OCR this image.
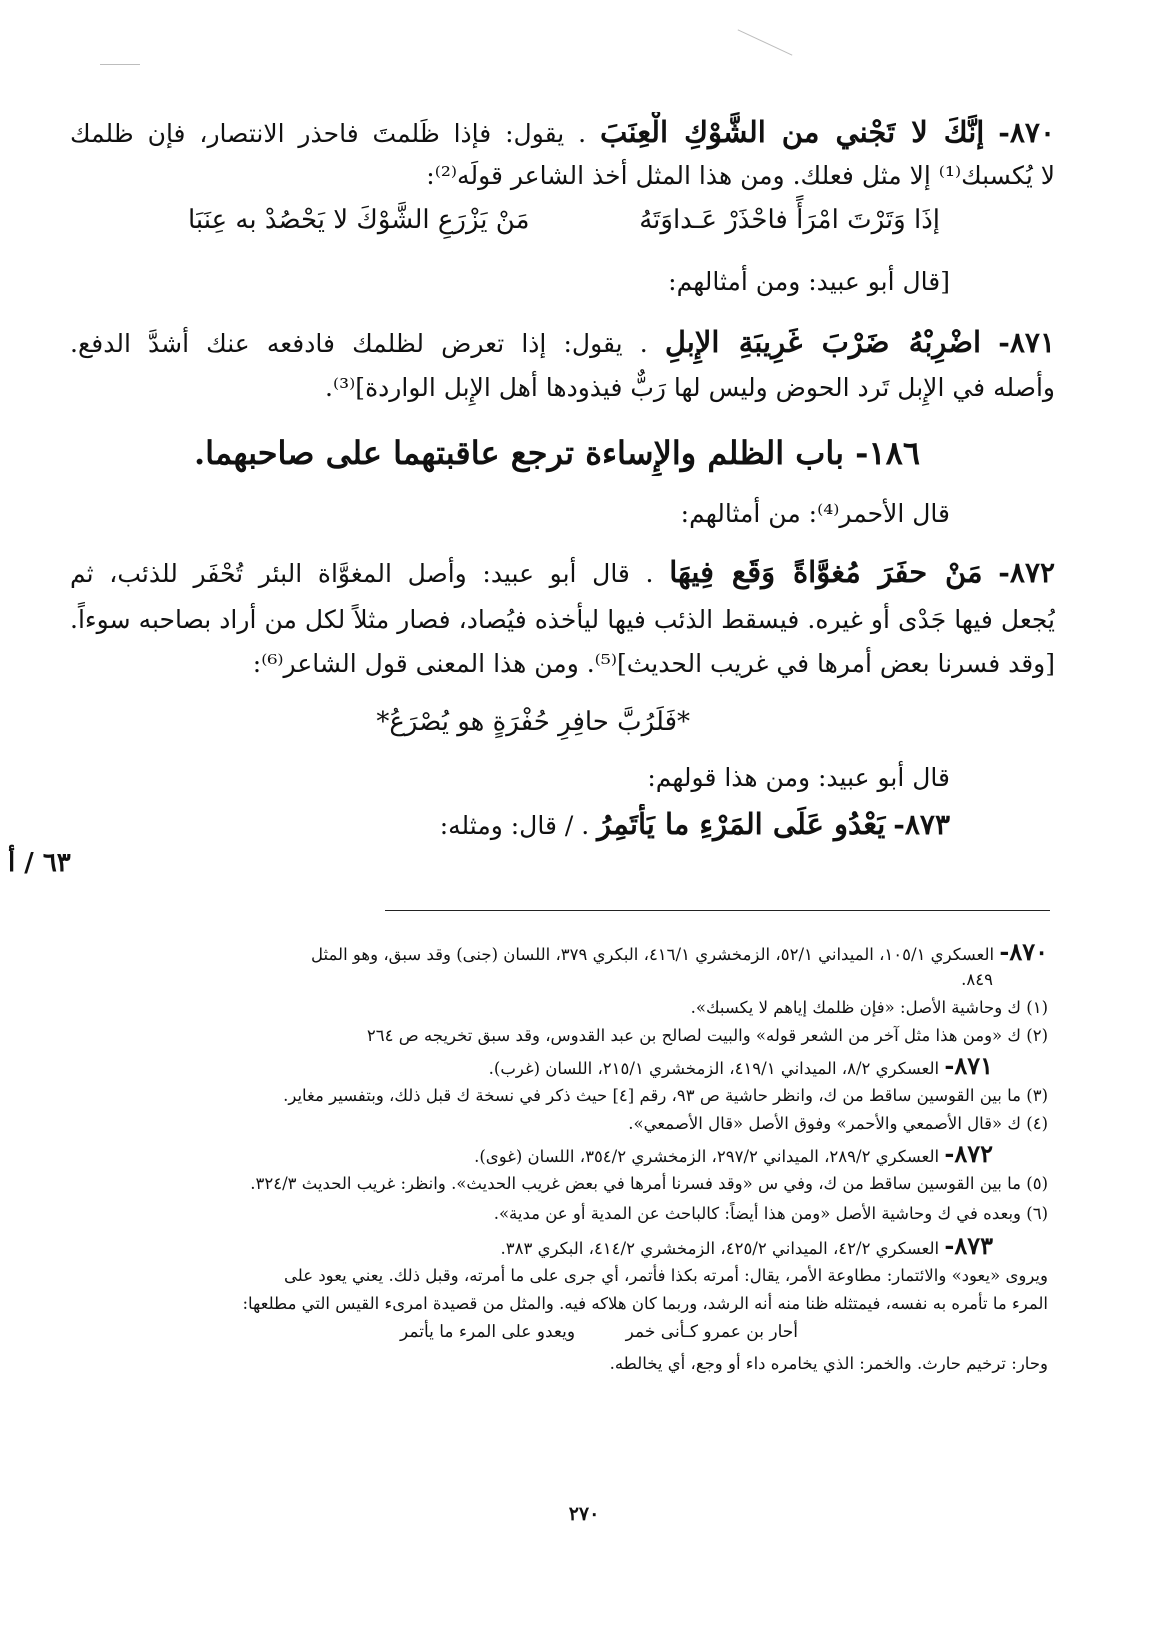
٨٧٠- إنَّكَ لا تَجْني من الشَّوْكِ الْعِنَبَ . يقول: فإذا ظَلمتَ فاحذر الانتصار، فإن ظلمك
لا يُكسبك⁽¹⁾ إلا مثل فعلك. ومن هذا المثل أخذ الشاعر قولَه⁽²⁾:
إذَا وَتَرْتَ امْرَأً فاحْذَرْ عَـداوَتَهُ
مَنْ يَزْرَعِ الشَّوْكَ لا يَحْصُدْ به عِنَبَا
[قال أبو عبيد: ومن أمثالهم:
٨٧١- اضْرِبْهُ ضَرْبَ غَرِيبَةِ الإِبلِ . يقول: إذا تعرض لظلمك فادفعه عنك أشدَّ الدفع.
وأصله في الإِبل تَرد الحوض وليس لها رَبٌّ فيذودها أهل الإِبل الواردة]⁽³⁾.
١٨٦- باب الظلم والإِساءة ترجع عاقبتهما على صاحبهما.
قال الأحمر⁽⁴⁾: من أمثالهم:
٨٧٢- مَنْ حفَرَ مُغوَّاةً وَقَع فِيهَا . قال أبو عبيد: وأصل المغوَّاة البئر تُحْفَر للذئب، ثم
يُجعل فيها جَدْى أو غيره. فيسقط الذئب فيها ليأخذه فيُصاد، فصار مثلاً لكل من أراد بصاحبه سوءاً.
[وقد فسرنا بعض أمرها في غريب الحديث]⁽⁵⁾. ومن هذا المعنى قول الشاعر⁽⁶⁾:
*فَلَرُبَّ حافِرِ حُفْرَةٍ هو يُصْرَعُ*
قال أبو عبيد: ومن هذا قولهم:
٨٧٣- يَعْدُو عَلَى المَرْءِ ما يَأْتَمِرُ . / قال: ومثله:
٦٣ / أ
٨٧٠- العسكري ١٠٥/١، الميداني ٥٢/١، الزمخشري ٤١٦/١، البكري ٣٧٩، اللسان (جنى) وقد سبق، وهو المثل
٨٤٩.
(١) ك وحاشية الأصل: «فإن ظلمك إياهم لا يكسبك».
(٢) ك «ومن هذا مثل آخر من الشعر قوله» والبيت لصالح بن عبد القدوس، وقد سبق تخريجه ص ٢٦٤
٨٧١- العسكري ٨/٢، الميداني ٤١٩/١، الزمخشري ٢١٥/١، اللسان (غرب).
(٣) ما بين القوسين ساقط من ك، وانظر حاشية ص ٩٣، رقم [٤] حيث ذكر في نسخة ك قبل ذلك، وبتفسير مغاير.
(٤) ك «قال الأصمعي والأحمر» وفوق الأصل «قال الأصمعي».
٨٧٢- العسكري ٢٨٩/٢، الميداني ٢٩٧/٢، الزمخشري ٣٥٤/٢، اللسان (غوى).
(٥) ما بين القوسين ساقط من ك، وفي س «وقد فسرنا أمرها في بعض غريب الحديث». وانظر: غريب الحديث ٣٢٤/٣.
(٦) وبعده في ك وحاشية الأصل «ومن هذا أيضاً: كالباحث عن المدية أو عن مدية».
٨٧٣- العسكري ٤٢/٢، الميداني ٤٢٥/٢، الزمخشري ٤١٤/٢، البكري ٣٨٣.
ويروى «يعود» والائتمار: مطاوعة الأمر، يقال: أمرته بكذا فأتمر، أي جرى على ما أمرته، وقبل ذلك. يعني يعود على
المرء ما تأمره به نفسه، فيمتثله ظنا منه أنه الرشد، وربما كان هلاكه فيه. والمثل من قصيدة امرىء القيس التي مطلعها:
أحار بن عمرو كـأنى خمر
ويعدو على المرء ما يأتمر
وحار: ترخيم حارث. والخمر: الذي يخامره داء أو وجع، أي يخالطه.
٢٧٠
